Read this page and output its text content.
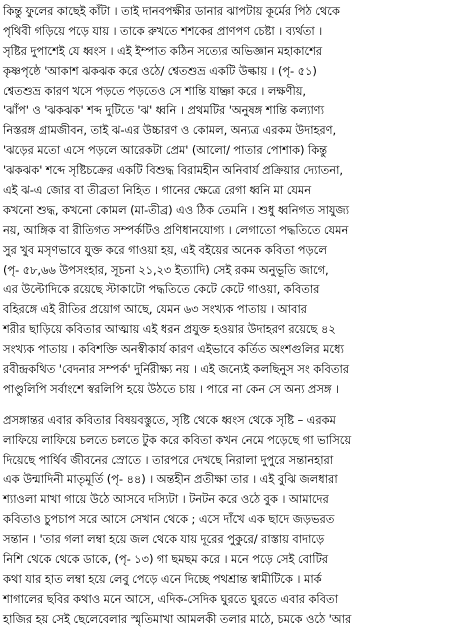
কিন্তু ফুলের কাছেই কাঁটা । তাই দানবপক্ষীর ডানার ঝাপটায় কূর্মের পিঠ থেকে
পৃথিবী গড়িয়ে পড়ে যায় । তাকে রুখতে শশকের প্রাণপণ চেষ্টা । ব্যর্থতা ।
সৃষ্টির দুপাশেই যে ধ্বংস । এই ইম্পাত কঠিন সত্যের অভিজ্ঞান মহাকাশের
কৃষ্ণপৃষ্ঠে 'আকাশ ঝকঝক করে ওঠে/ শ্বেতশুভ্র একটি উল্কায় । (পৃ- ৫১)
শ্বেতশুভ্র কারণ খসে পড়তে পড়তেও সে শান্তি যাচ্ঞা করে । লক্ষণীয়,
'ঝাঁপ' ও 'ঝকঝক' শব্দ দুটিতে 'ঝ' ধ্বনি । প্রথমটির 'অনুষঙ্গ শান্তি কল্যাণ্য
নিস্তরঙ্গ গ্রামজীবন, তাই ঝ-এর উচ্চারণ ও কোমল, অন্যত্র এরকম উদাহরণ,
'ঝড়ের মতো এসে পড়লে আরেকটা প্রেম' (আলো/ পাতার পোশাক) কিন্তু
'ঝকঝক' শব্দে সৃষ্টিচক্রের একটি বিশুদ্ধ বিরামহীন অনিবার্য প্রক্রিয়ার দ্যোতনা,
এই ঝ-এ জোর বা তীব্রতা নিহিত । গানের ক্ষেত্রে রেগা ধ্বনি মা যেমন
কখনো শুদ্ধ, কখনো কোমল (মা-তীব্র) এও ঠিক তেমনি । শুধু ধ্বনিগত সাযুজ্য
নয়, আঙ্গিক বা রীতিগত সম্পর্কটিও প্রণিধানযোগ্য । লেগাতো পদ্ধতিতে যেমন
সুর খুব মসৃণভাবে যুক্ত করে গাওয়া হয়, এই বইয়ের অনেক কবিতা পড়লে
(পৃ- ৫৮,৬৬ উপসংহার, সূচনা ২১,২৩ ইত্যাদি) সেই রকম অনুভূতি জাগে,
এর উল্টোদিকে রয়েছে স্টাকাটো পদ্ধতিতে কেটে কেটে গাওয়া, কবিতার
বহিরঙ্গে এই রীতির প্রয়োগ আছে, যেমন ৬৩ সংখ্যক পাতায় । আবার
শরীর ছাড়িয়ে কবিতার আত্মায় এই ধরন প্রযুক্ত হওয়ার উদাহরণ রয়েছে ৪২
সংখ্যক পাতায় । কবিশক্তি অনস্বীকার্য কারণ এইভাবে কর্তিত অংশগুলির মধ্যে
রবীন্দ্রকথিত 'বেদনার সম্পর্ক' দুর্নিরীক্ষ্য নয় । এই জন্যেই কলছিনুস সং কবিতার
পাণ্ডুলিপি সর্বাংশে স্বরলিপি হয়ে উঠতে চায় । পারে না কেন সে অন্য প্রসঙ্গ ।
প্রসঙ্গান্তর এবার কবিতার বিষয়বস্তুতে, সৃষ্টি থেকে ধ্বংস থেকে সৃষ্টি – এরকম
লাফিয়ে লাফিয়ে চলতে চলতে টুক করে কবিতা কখন নেমে পড়েছে গা ভাসিয়ে
দিয়েছে পার্থিব জীবনের স্রোতে । তারপরে দেখছে নিরালা দুপুরে সন্তানহারা
এক উন্মাদিনী মাতৃমূর্তি (পৃ- ৪৪) । অন্তহীন প্রতীক্ষা তার । এই বুঝি জলধারা
শ্যাওলা মাখা গায়ে উঠে আসবে দস্যিটা । টনটন করে ওঠে বুক । আমাদের
কবিতাও চুপচাপ সরে আসে সেখান থেকে ; এসে দাঁখে এক ছাদে জড়ভরত
সন্তান । 'তার গলা লম্বা হয়ে জল থেকে যায় দূরের পুকুরে/ রাস্তায় বাদাড়ে
নিশি থেকে থেকে ডাকে, (পৃ- ১৩) গা ছমছম করে । মনে পড়ে সেই বোটির
কথা যার হাত লম্বা হয়ে লেবু পেড়ে এনে দিচ্ছে পথশ্রান্ত স্বামীটিকে । মার্ক
শাগালের ছবির কথাও মনে আসে, এদিক-সেদিক ঘুরতে ঘুরতে এবার কবিতা
হাজির হয় সেই ছেলেবেলার স্মৃতিমাখা আমলকী তলার মাঠে, চমকে ওঠে 'আর
